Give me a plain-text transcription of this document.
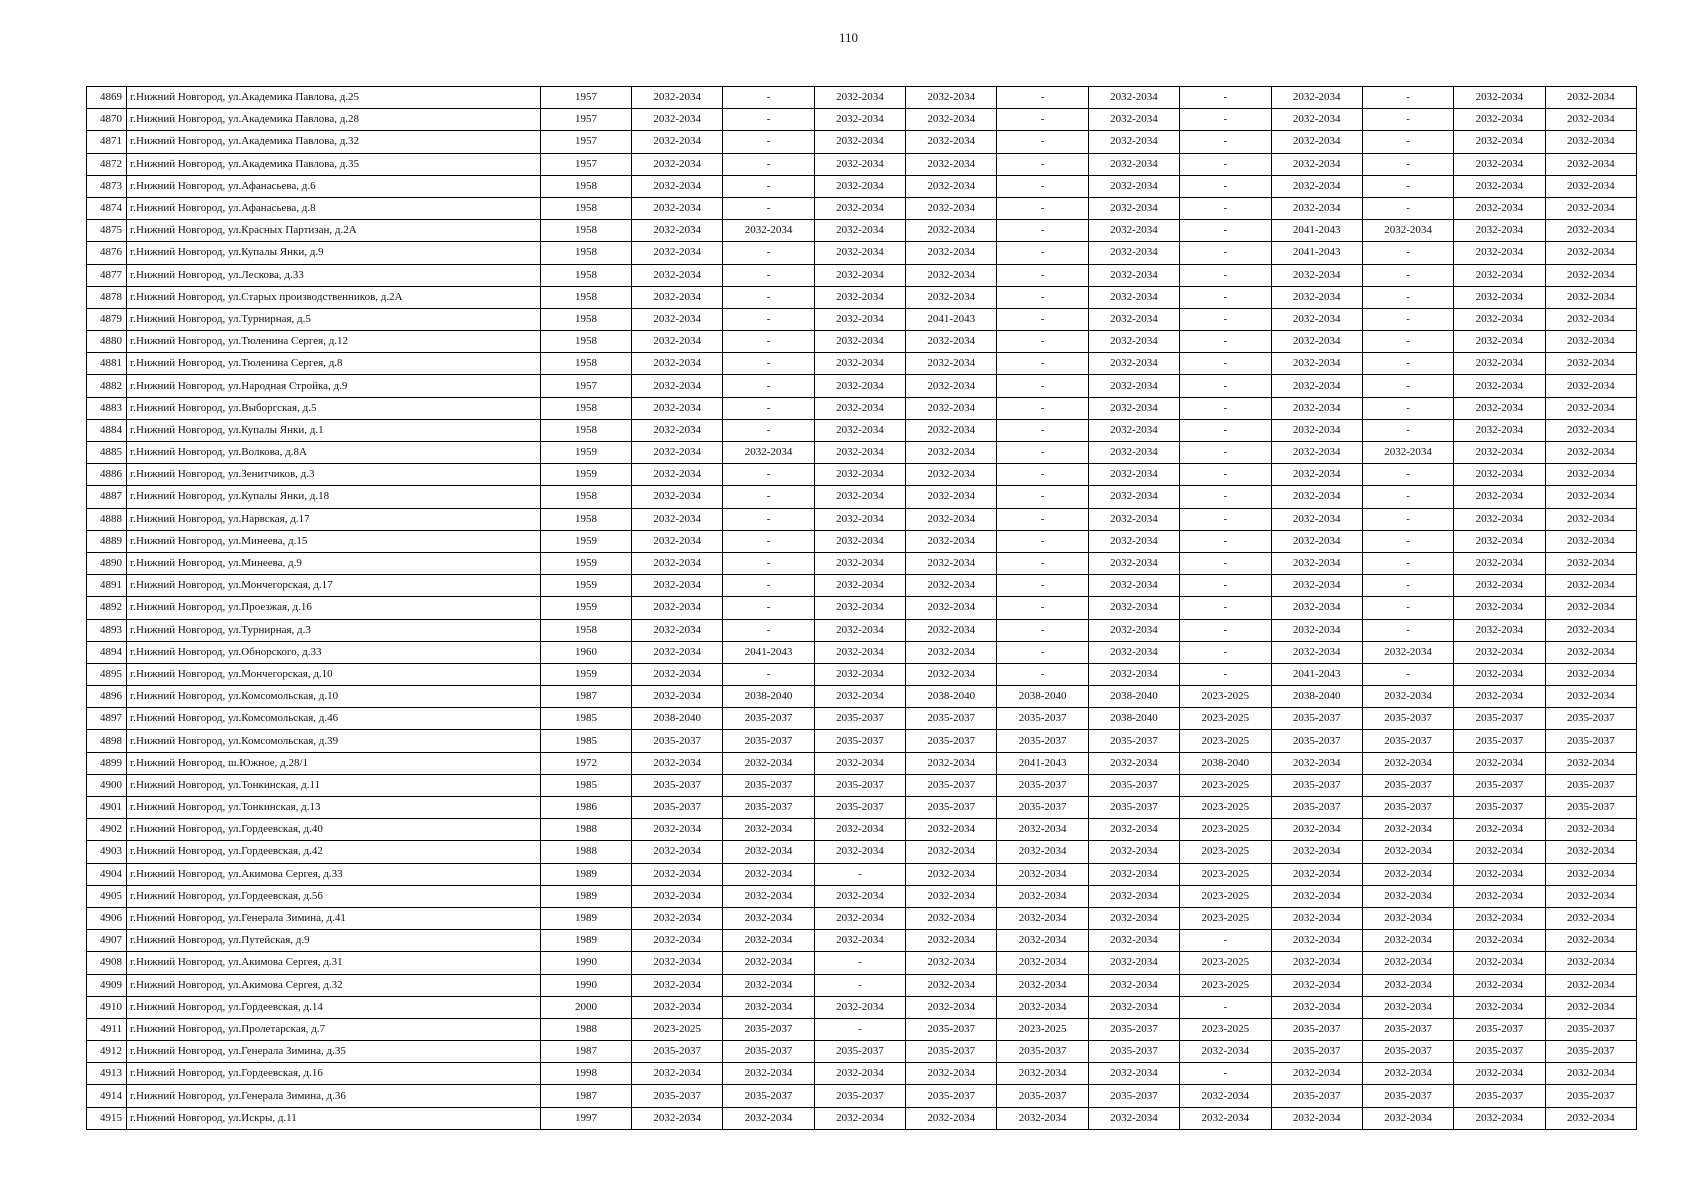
110
4869	г.Нижний Новгород, ул.Академика Павлова, д.25	1957	2032-2034	-	2032-2034	2032-2034	-	2032-2034	-	2032-2034	-	2032-2034	2032-2034
4870	г.Нижний Новгород, ул.Академика Павлова, д.28	1957	2032-2034	-	2032-2034	2032-2034	-	2032-2034	-	2032-2034	-	2032-2034	2032-2034
4871	г.Нижний Новгород, ул.Академика Павлова, д.32	1957	2032-2034	-	2032-2034	2032-2034	-	2032-2034	-	2032-2034	-	2032-2034	2032-2034
4872	г.Нижний Новгород, ул.Академика Павлова, д.35	1957	2032-2034	-	2032-2034	2032-2034	-	2032-2034	-	2032-2034	-	2032-2034	2032-2034
4873	г.Нижний Новгород, ул.Афанасьева, д.6	1958	2032-2034	-	2032-2034	2032-2034	-	2032-2034	-	2032-2034	-	2032-2034	2032-2034
4874	г.Нижний Новгород, ул.Афанасьева, д.8	1958	2032-2034	-	2032-2034	2032-2034	-	2032-2034	-	2032-2034	-	2032-2034	2032-2034
4875	г.Нижний Новгород, ул.Красных Партизан, д.2А	1958	2032-2034	2032-2034	2032-2034	2032-2034	-	2032-2034	-	2041-2043	2032-2034	2032-2034	2032-2034
4876	г.Нижний Новгород, ул.Купалы Янки, д.9	1958	2032-2034	-	2032-2034	2032-2034	-	2032-2034	-	2041-2043	-	2032-2034	2032-2034
4877	г.Нижний Новгород, ул.Лескова, д.33	1958	2032-2034	-	2032-2034	2032-2034	-	2032-2034	-	2032-2034	-	2032-2034	2032-2034
4878	г.Нижний Новгород, ул.Старых производственников, д.2А	1958	2032-2034	-	2032-2034	2032-2034	-	2032-2034	-	2032-2034	-	2032-2034	2032-2034
4879	г.Нижний Новгород, ул.Турнирная, д.5	1958	2032-2034	-	2032-2034	2041-2043	-	2032-2034	-	2032-2034	-	2032-2034	2032-2034
4880	г.Нижний Новгород, ул.Тюленина Сергея, д.12	1958	2032-2034	-	2032-2034	2032-2034	-	2032-2034	-	2032-2034	-	2032-2034	2032-2034
4881	г.Нижний Новгород, ул.Тюленина Сергея, д.8	1958	2032-2034	-	2032-2034	2032-2034	-	2032-2034	-	2032-2034	-	2032-2034	2032-2034
4882	г.Нижний Новгород, ул.Народная Стройка, д.9	1957	2032-2034	-	2032-2034	2032-2034	-	2032-2034	-	2032-2034	-	2032-2034	2032-2034
4883	г.Нижний Новгород, ул.Выборгская, д.5	1958	2032-2034	-	2032-2034	2032-2034	-	2032-2034	-	2032-2034	-	2032-2034	2032-2034
4884	г.Нижний Новгород, ул.Купалы Янки, д.1	1958	2032-2034	-	2032-2034	2032-2034	-	2032-2034	-	2032-2034	-	2032-2034	2032-2034
4885	г.Нижний Новгород, ул.Волкова, д.8А	1959	2032-2034	2032-2034	2032-2034	2032-2034	-	2032-2034	-	2032-2034	2032-2034	2032-2034	2032-2034
4886	г.Нижний Новгород, ул.Зенитчиков, д.3	1959	2032-2034	-	2032-2034	2032-2034	-	2032-2034	-	2032-2034	-	2032-2034	2032-2034
4887	г.Нижний Новгород, ул.Купалы Янки, д.18	1958	2032-2034	-	2032-2034	2032-2034	-	2032-2034	-	2032-2034	-	2032-2034	2032-2034
4888	г.Нижний Новгород, ул.Нарвская, д.17	1958	2032-2034	-	2032-2034	2032-2034	-	2032-2034	-	2032-2034	-	2032-2034	2032-2034
4889	г.Нижний Новгород, ул.Минеева, д.15	1959	2032-2034	-	2032-2034	2032-2034	-	2032-2034	-	2032-2034	-	2032-2034	2032-2034
4890	г.Нижний Новгород, ул.Минеева, д.9	1959	2032-2034	-	2032-2034	2032-2034	-	2032-2034	-	2032-2034	-	2032-2034	2032-2034
4891	г.Нижний Новгород, ул.Мончегорская, д.17	1959	2032-2034	-	2032-2034	2032-2034	-	2032-2034	-	2032-2034	-	2032-2034	2032-2034
4892	г.Нижний Новгород, ул.Проезжая, д.16	1959	2032-2034	-	2032-2034	2032-2034	-	2032-2034	-	2032-2034	-	2032-2034	2032-2034
4893	г.Нижний Новгород, ул.Турнирная, д.3	1958	2032-2034	-	2032-2034	2032-2034	-	2032-2034	-	2032-2034	-	2032-2034	2032-2034
4894	г.Нижний Новгород, ул.Обнорского, д.33	1960	2032-2034	2041-2043	2032-2034	2032-2034	-	2032-2034	-	2032-2034	2032-2034	2032-2034	2032-2034
4895	г.Нижний Новгород, ул.Мончегорская, д.10	1959	2032-2034	-	2032-2034	2032-2034	-	2032-2034	-	2041-2043	-	2032-2034	2032-2034
4896	г.Нижний Новгород, ул.Комсомольская, д.10	1987	2032-2034	2038-2040	2032-2034	2038-2040	2038-2040	2038-2040	2023-2025	2038-2040	2032-2034	2032-2034	2032-2034
4897	г.Нижний Новгород, ул.Комсомольская, д.46	1985	2038-2040	2035-2037	2035-2037	2035-2037	2035-2037	2038-2040	2023-2025	2035-2037	2035-2037	2035-2037	2035-2037
4898	г.Нижний Новгород, ул.Комсомольская, д.39	1985	2035-2037	2035-2037	2035-2037	2035-2037	2035-2037	2035-2037	2023-2025	2035-2037	2035-2037	2035-2037	2035-2037
4899	г.Нижний Новгород, ш.Южное, д.28/1	1972	2032-2034	2032-2034	2032-2034	2032-2034	2041-2043	2032-2034	2038-2040	2032-2034	2032-2034	2032-2034	2032-2034
4900	г.Нижний Новгород, ул.Тонкинская, д.11	1985	2035-2037	2035-2037	2035-2037	2035-2037	2035-2037	2035-2037	2023-2025	2035-2037	2035-2037	2035-2037	2035-2037
4901	г.Нижний Новгород, ул.Тонкинская, д.13	1986	2035-2037	2035-2037	2035-2037	2035-2037	2035-2037	2035-2037	2023-2025	2035-2037	2035-2037	2035-2037	2035-2037
4902	г.Нижний Новгород, ул.Гордеевская, д.40	1988	2032-2034	2032-2034	2032-2034	2032-2034	2032-2034	2032-2034	2023-2025	2032-2034	2032-2034	2032-2034	2032-2034
4903	г.Нижний Новгород, ул.Гордеевская, д.42	1988	2032-2034	2032-2034	2032-2034	2032-2034	2032-2034	2032-2034	2023-2025	2032-2034	2032-2034	2032-2034	2032-2034
4904	г.Нижний Новгород, ул.Акимова Сергея, д.33	1989	2032-2034	2032-2034	-	2032-2034	2032-2034	2032-2034	2023-2025	2032-2034	2032-2034	2032-2034	2032-2034
4905	г.Нижний Новгород, ул.Гордеевская, д.56	1989	2032-2034	2032-2034	2032-2034	2032-2034	2032-2034	2032-2034	2023-2025	2032-2034	2032-2034	2032-2034	2032-2034
4906	г.Нижний Новгород, ул.Генерала Зимина, д.41	1989	2032-2034	2032-2034	2032-2034	2032-2034	2032-2034	2032-2034	2023-2025	2032-2034	2032-2034	2032-2034	2032-2034
4907	г.Нижний Новгород, ул.Путейская, д.9	1989	2032-2034	2032-2034	2032-2034	2032-2034	2032-2034	2032-2034	-	2032-2034	2032-2034	2032-2034	2032-2034
4908	г.Нижний Новгород, ул.Акимова Сергея, д.31	1990	2032-2034	2032-2034	-	2032-2034	2032-2034	2032-2034	2023-2025	2032-2034	2032-2034	2032-2034	2032-2034
4909	г.Нижний Новгород, ул.Акимова Сергея, д.32	1990	2032-2034	2032-2034	-	2032-2034	2032-2034	2032-2034	2023-2025	2032-2034	2032-2034	2032-2034	2032-2034
4910	г.Нижний Новгород, ул.Гордеевская, д.14	2000	2032-2034	2032-2034	2032-2034	2032-2034	2032-2034	2032-2034	-	2032-2034	2032-2034	2032-2034	2032-2034
4911	г.Нижний Новгород, ул.Пролетарская, д.7	1988	2023-2025	2035-2037	-	2035-2037	2023-2025	2035-2037	2023-2025	2035-2037	2035-2037	2035-2037	2035-2037
4912	г.Нижний Новгород, ул.Генерала Зимина, д.35	1987	2035-2037	2035-2037	2035-2037	2035-2037	2035-2037	2035-2037	2032-2034	2035-2037	2035-2037	2035-2037	2035-2037
4913	г.Нижний Новгород, ул.Гордеевская, д.16	1998	2032-2034	2032-2034	2032-2034	2032-2034	2032-2034	2032-2034	-	2032-2034	2032-2034	2032-2034	2032-2034
4914	г.Нижний Новгород, ул.Генерала Зимина, д.36	1987	2035-2037	2035-2037	2035-2037	2035-2037	2035-2037	2035-2037	2032-2034	2035-2037	2035-2037	2035-2037	2035-2037
4915	г.Нижний Новгород, ул.Искры, д.11	1997	2032-2034	2032-2034	2032-2034	2032-2034	2032-2034	2032-2034	2032-2034	2032-2034	2032-2034	2032-2034	2032-2034
